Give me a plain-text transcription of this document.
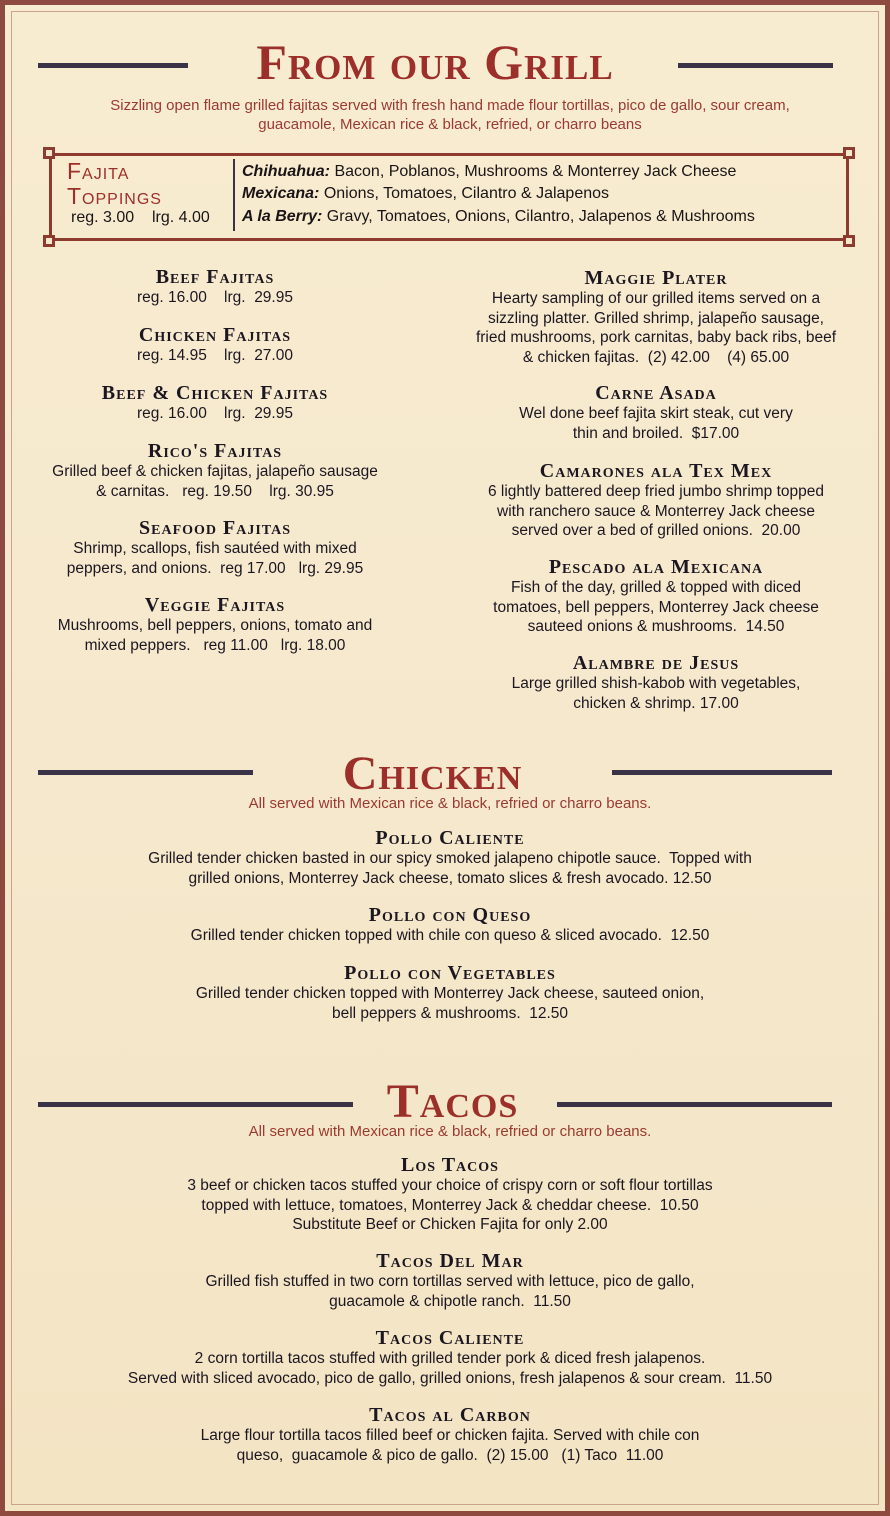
From our Grill
Sizzling open flame grilled fajitas served with fresh hand made flour tortillas, pico de gallo, sour cream,
guacamole, Mexican rice & black, refried, or charro beans
Fajita
Toppings
reg. 3.00    lrg. 4.00
Chihuahua: Bacon, Poblanos, Mushrooms & Monterrey Jack Cheese
Mexicana: Onions, Tomatoes, Cilantro & Jalapenos
A la Berry: Gravy, Tomatoes, Onions, Cilantro, Jalapenos & Mushrooms
Beef Fajitas

reg. 16.00    lrg.  29.95

Chicken Fajitas

reg. 14.95    lrg.  27.00

Beef & Chicken Fajitas

reg. 16.00    lrg.  29.95

Rico's Fajitas

Grilled beef & chicken fajitas, jalapeño sausage

& carnitas.   reg. 19.50    lrg. 30.95

Seafood Fajitas

Shrimp, scallops, fish sautéed with mixed

peppers, and onions.  reg 17.00   lrg. 29.95

Veggie Fajitas

Mushrooms, bell peppers, onions, tomato and

mixed peppers.   reg 11.00   lrg. 18.00

Maggie Plater

Hearty sampling of our grilled items served on a

sizzling platter. Grilled shrimp, jalapeño sausage,

fried mushrooms, pork carnitas, baby back ribs, beef

& chicken fajitas.  (2) 42.00    (4) 65.00

Carne Asada

Wel done beef fajita skirt steak, cut very

thin and broiled.  $17.00

Camarones ala Tex Mex

6 lightly battered deep fried jumbo shrimp topped

with ranchero sauce & Monterrey Jack cheese

served over a bed of grilled onions.  20.00

Pescado ala Mexicana

Fish of the day, grilled & topped with diced

tomatoes, bell peppers, Monterrey Jack cheese

sauteed onions & mushrooms.  14.50

Alambre de Jesus

Large grilled shish-kabob with vegetables,

chicken & shrimp. 17.00

Chicken
All served with Mexican rice & black, refried or charro beans.
Pollo Caliente

Grilled tender chicken basted in our spicy smoked jalapeno chipotle sauce.  Topped with

grilled onions, Monterrey Jack cheese, tomato slices & fresh avocado. 12.50

Pollo con Queso

Grilled tender chicken topped with chile con queso & sliced avocado.  12.50

Pollo con Vegetables

Grilled tender chicken topped with Monterrey Jack cheese, sauteed onion,

bell peppers & mushrooms.  12.50

Tacos
All served with Mexican rice & black, refried or charro beans.
Los Tacos

3 beef or chicken tacos stuffed your choice of crispy corn or soft flour tortillas

topped with lettuce, tomatoes, Monterrey Jack & cheddar cheese.  10.50

Substitute Beef or Chicken Fajita for only 2.00

Tacos Del Mar

Grilled fish stuffed in two corn tortillas served with lettuce, pico de gallo,

guacamole & chipotle ranch.  11.50

Tacos Caliente

2 corn tortilla tacos stuffed with grilled tender pork & diced fresh jalapenos.

Served with sliced avocado, pico de gallo, grilled onions, fresh jalapenos & sour cream.  11.50

Tacos al Carbon

Large flour tortilla tacos filled beef or chicken fajita. Served with chile con

queso,  guacamole & pico de gallo.  (2) 15.00   (1) Taco  11.00
